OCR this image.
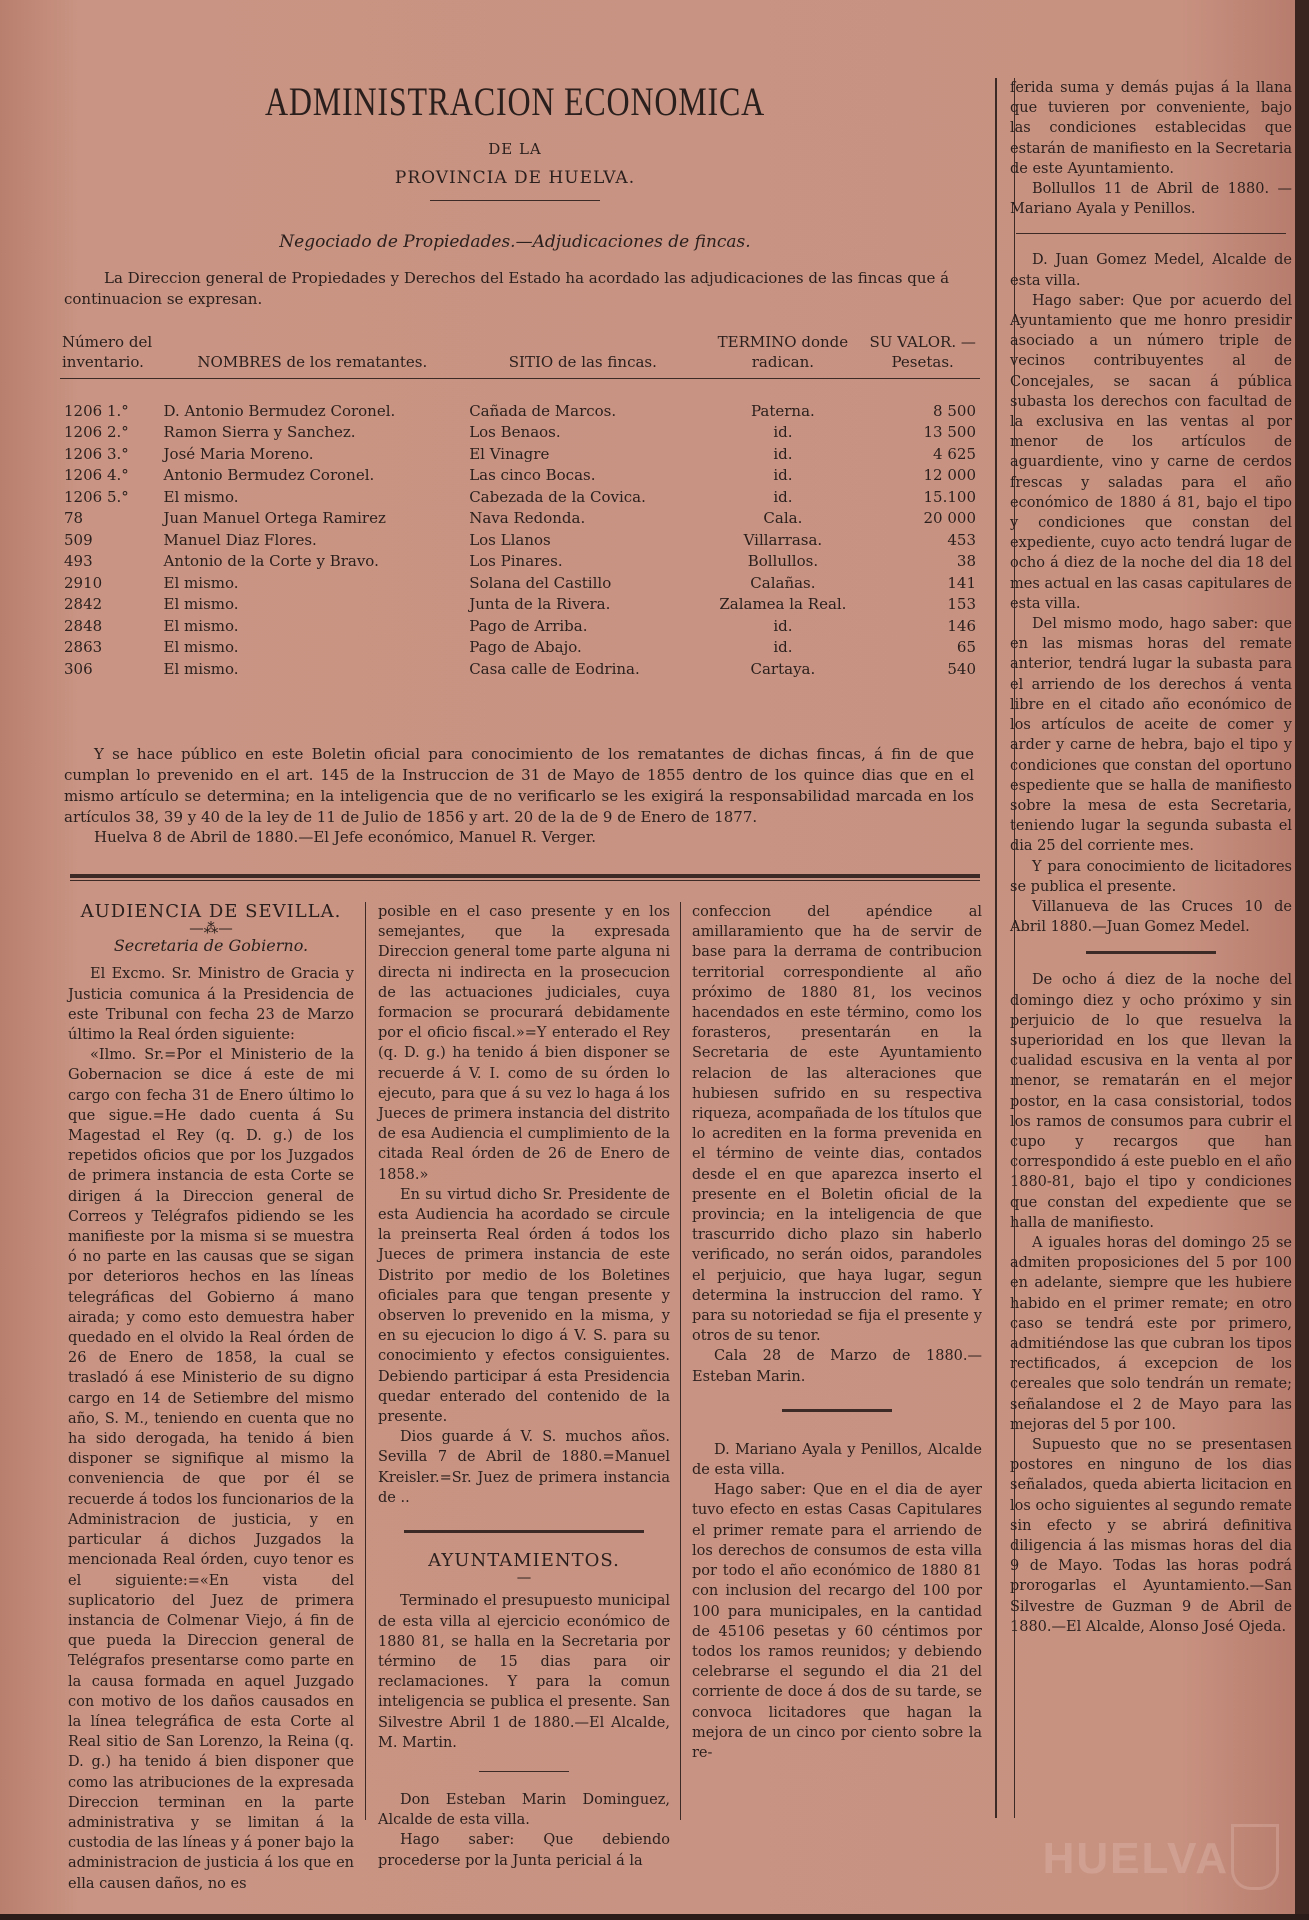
ADMINISTRACION ECONOMICA
DE LA
PROVINCIA DE HUELVA.
Negociado de Propiedades.—Adjudicaciones de fincas.
La Direccion general de Propiedades y Derechos del Estado ha acordado las adjudicaciones de las fincas que á continuacion se expresan.
Número del inventario.	NOMBRES de los rematantes.	SITIO de las fincas.	TERMINO donde radican.	SU VALOR. — Pesetas.

1206 1.°	D. Antonio Bermudez Coronel.	Cañada de Marcos.	Paterna.	8 500
1206 2.°	Ramon Sierra y Sanchez.	Los Benaos.	id.	13 500
1206 3.°	José Maria Moreno.	El Vinagre	id.	4 625
1206 4.°	Antonio Bermudez Coronel.	Las cinco Bocas.	id.	12 000
1206 5.°	El mismo.	Cabezada de la Covica.	id.	15.100
78	Juan Manuel Ortega Ramirez	Nava Redonda.	Cala.	20 000
509	Manuel Diaz Flores.	Los Llanos	Villarrasa.	453
493	Antonio de la Corte y Bravo.	Los Pinares.	Bollullos.	38
2910	El mismo.	Solana del Castillo	Calañas.	141
2842	El mismo.	Junta de la Rivera.	Zalamea la Real.	153
2848	El mismo.	Pago de Arriba.	id.	146
2863	El mismo.	Pago de Abajo.	id.	65
306	El mismo.	Casa calle de Eodrina.	Cartaya.	540
Y se hace público en este Boletin oficial para conocimiento de los rematantes de dichas fincas, á fin de que cumplan lo prevenido en el art. 145 de la Instruccion de 31 de Mayo de 1855 dentro de los quince dias que en el mismo artículo se determina; en la inteligencia que de no verificarlo se les exigirá la responsabilidad marcada en los artículos 38, 39 y 40 de la ley de 11 de Julio de 1856 y art. 20 de la de 9 de Enero de 1877.
Huelva 8 de Abril de 1880.—El Jefe económico, Manuel R. Verger.
AUDIENCIA DE SEVILLA.
—⁂—
Secretaria de Gobierno.

El Excmo. Sr. Ministro de Gracia y Justicia comunica á la Presidencia de este Tribunal con fecha 23 de Marzo último la Real órden siguiente:

«Ilmo. Sr.=Por el Ministerio de la Gobernacion se dice á este de mi cargo con fecha 31 de Enero último lo que sigue.=He dado cuenta á Su Magestad el Rey (q. D. g.) de los repetidos oficios que por los Juzgados de primera instancia de esta Corte se dirigen á la Direccion general de Correos y Telégrafos pidiendo se les manifieste por la misma si se muestra ó no parte en las causas que se sigan por deterioros hechos en las líneas telegráficas del Gobierno á mano airada; y como esto demuestra haber quedado en el olvido la Real órden de 26 de Enero de 1858, la cual se trasladó á ese Ministerio de su digno cargo en 14 de Setiembre del mismo año, S. M., teniendo en cuenta que no ha sido derogada, ha tenido á bien disponer se signifique al mismo la conveniencia de que por él se recuerde á todos los funcionarios de la Administracion de justicia, y en particular á dichos Juzgados la mencionada Real órden, cuyo tenor es el siguiente:=«En vista del suplicatorio del Juez de primera instancia de Colmenar Viejo, á fin de que pueda la Direccion general de Telégrafos presentarse como parte en la causa formada en aquel Juzgado con motivo de los daños causados en la línea telegráfica de esta Corte al Real sitio de San Lorenzo, la Reina (q. D. g.) ha tenido á bien disponer que como las atribuciones de la expresada Direccion terminan en la parte administrativa y se limitan á la custodia de las líneas y á poner bajo la administracion de justicia á los que en ella causen daños, no es

posible en el caso presente y en los semejantes, que la expresada Direccion general tome parte alguna ni directa ni indirecta en la prosecucion de las actuaciones judiciales, cuya formacion se procurará debidamente por el oficio fiscal.»=Y enterado el Rey (q. D. g.) ha tenido á bien disponer se recuerde á V. I. como de su órden lo ejecuto, para que á su vez lo haga á los Jueces de primera instancia del distrito de esa Audiencia el cumplimiento de la citada Real órden de 26 de Enero de 1858.»

En su virtud dicho Sr. Presidente de esta Audiencia ha acordado se circule la preinserta Real órden á todos los Jueces de primera instancia de este Distrito por medio de los Boletines oficiales para que tengan presente y observen lo prevenido en la misma, y en su ejecucion lo digo á V. S. para su conocimiento y efectos consiguientes. Debiendo participar á esta Presidencia quedar enterado del contenido de la presente.

Dios guarde á V. S. muchos años. Sevilla 7 de Abril de 1880.=Manuel Kreisler.=Sr. Juez de primera instancia de ..

AYUNTAMIENTOS.
—

Terminado el presupuesto municipal de esta villa al ejercicio económico de 1880 81, se halla en la Secretaria por término de 15 dias para oir reclamaciones. Y para la comun inteligencia se publica el presente. San Silvestre Abril 1 de 1880.—El Alcalde, M. Martin.

Don Esteban Marin Dominguez, Alcalde de esta villa.

Hago saber: Que debiendo procederse por la Junta pericial á la

confeccion del apéndice al amillaramiento que ha de servir de base para la derrama de contribucion territorial correspondiente al año próximo de 1880 81, los vecinos hacendados en este término, como los forasteros, presentarán en la Secretaria de este Ayuntamiento relacion de las alteraciones que hubiesen sufrido en su respectiva riqueza, acompañada de los títulos que lo acrediten en la forma prevenida en el término de veinte dias, contados desde el en que aparezca inserto el presente en el Boletin oficial de la provincia; en la inteligencia de que trascurrido dicho plazo sin haberlo verificado, no serán oidos, parandoles el perjuicio, que haya lugar, segun determina la instruccion del ramo. Y para su notoriedad se fija el presente y otros de su tenor.

Cala 28 de Marzo de 1880.—Esteban Marin.

D. Mariano Ayala y Penillos, Alcalde de esta villa.

Hago saber: Que en el dia de ayer tuvo efecto en estas Casas Capitulares el primer remate para el arriendo de los derechos de consumos de esta villa por todo el año económico de 1880 81 con inclusion del recargo del 100 por 100 para municipales, en la cantidad de 45106 pesetas y 60 céntimos por todos los ramos reunidos; y debiendo celebrarse el segundo el dia 21 del corriente de doce á dos de su tarde, se convoca licitadores que hagan la mejora de un cinco por ciento sobre la re-

ferida suma y demás pujas á la llana que tuvieren por conveniente, bajo las condiciones establecidas que estarán de manifiesto en la Secretaria de este Ayuntamiento.

Bollullos 11 de Abril de 1880. —Mariano Ayala y Penillos.

D. Juan Gomez Medel, Alcalde de esta villa.

Hago saber: Que por acuerdo del Ayuntamiento que me honro presidir asociado a un número triple de vecinos contribuyentes al de Concejales, se sacan á pública subasta los derechos con facultad de la exclusiva en las ventas al por menor de los artículos de aguardiente, vino y carne de cerdos frescas y saladas para el año económico de 1880 á 81, bajo el tipo y condiciones que constan del expediente, cuyo acto tendrá lugar de ocho á diez de la noche del dia 18 del mes actual en las casas capitulares de esta villa.

Del mismo modo, hago saber: que en las mismas horas del remate anterior, tendrá lugar la subasta para el arriendo de los derechos á venta libre en el citado año económico de los artículos de aceite de comer y arder y carne de hebra, bajo el tipo y condiciones que constan del oportuno espediente que se halla de manifiesto sobre la mesa de esta Secretaria, teniendo lugar la segunda subasta el dia 25 del corriente mes.

Y para conocimiento de licitadores se publica el presente.

Villanueva de las Cruces 10 de Abril 1880.—Juan Gomez Medel.

De ocho á diez de la noche del domingo diez y ocho próximo y sin perjuicio de lo que resuelva la superioridad en los que llevan la cualidad escusiva en la venta al por menor, se rematarán en el mejor postor, en la casa consistorial, todos los ramos de consumos para cubrir el cupo y recargos que han correspondido á este pueblo en el año 1880-81, bajo el tipo y condiciones que constan del expediente que se halla de manifiesto.

A iguales horas del domingo 25 se admiten proposiciones del 5 por 100 en adelante, siempre que les hubiere habido en el primer remate; en otro caso se tendrá este por primero, admitiéndose las que cubran los tipos rectificados, á excepcion de los cereales que solo tendrán un remate; señalandose el 2 de Mayo para las mejoras del 5 por 100.

Supuesto que no se presentasen postores en ninguno de los dias señalados, queda abierta licitacion en los ocho siguientes al segundo remate sin efecto y se abrirá definitiva diligencia á las mismas horas del dia 9 de Mayo. Todas las horas podrá prorogarlas el Ayuntamiento.—San Silvestre de Guzman 9 de Abril de 1880.—El Alcalde, Alonso José Ojeda.

HUELVA
